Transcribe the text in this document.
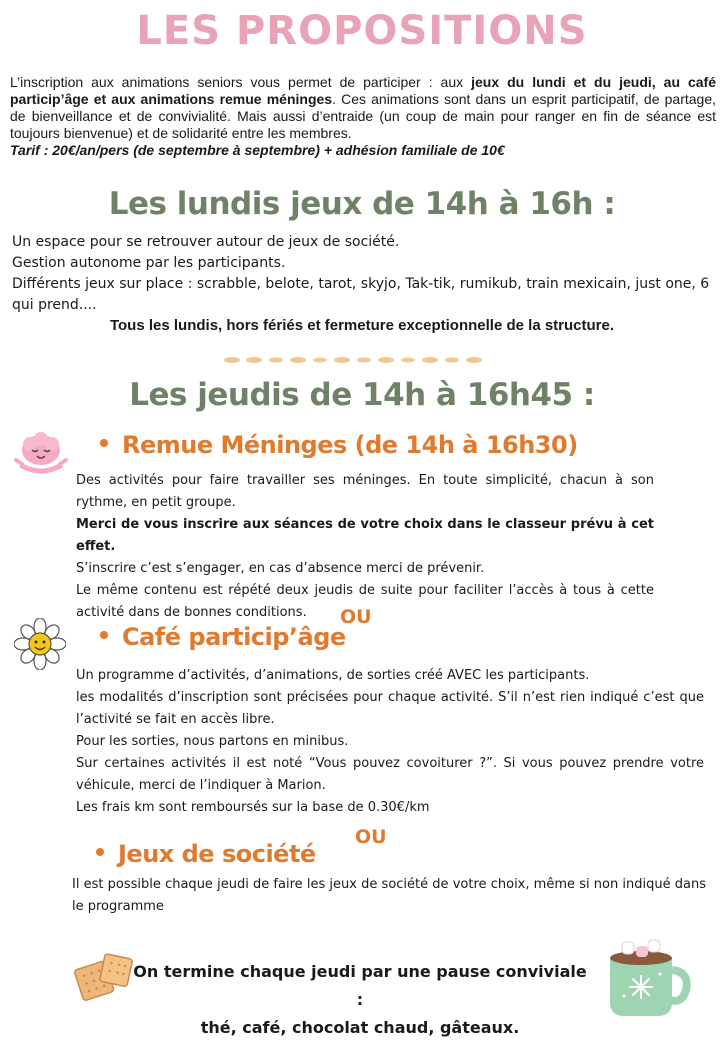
LES PROPOSITIONS
L’inscription aux animations seniors vous permet de participer : aux jeux du lundi et du jeudi, au café particip’âge et aux animations remue méninges. Ces animations sont dans un esprit participatif, de partage, de bienveillance et de convivialité. Mais aussi d’entraide (un coup de main pour ranger en fin de séance est toujours bienvenue) et de solidarité entre les membres.
Tarif : 20€/an/pers (de septembre à septembre) + adhésion familiale de 10€
Les lundis jeux de 14h à 16h :
Un espace pour se retrouver autour de jeux de société.
Gestion autonome par les participants.
Différents jeux sur place : scrabble, belote, tarot, skyjo, Tak-tik, rumikub, train mexicain, just one, 6 qui prend....
Tous les lundis, hors fériés et fermeture exceptionnelle de la structure.
Les jeudis de 14h à 16h45 :
Remue Méninges (de 14h à 16h30)
Des activités pour faire travailler ses méninges. En toute simplicité, chacun à son rythme, en petit groupe.
Merci de vous inscrire aux séances de votre choix dans le classeur prévu à cet effet.
S’inscrire c’est s’engager, en cas d’absence merci de prévenir.
Le même contenu est répété deux jeudis de suite pour faciliter l’accès à tous à cette activité dans de bonnes conditions.	OU
Café particip’âge
Un programme d’activités, d’animations, de sorties créé AVEC les participants.
les modalités d’inscription sont précisées pour chaque activité. S’il n’est rien indiqué c’est que l’activité se fait en accès libre.
Pour les sorties, nous partons en minibus.
Sur certaines activités il est noté “Vous pouvez covoiturer ?”. Si vous pouvez prendre votre véhicule, merci de l’indiquer à Marion.
Les frais km sont remboursés sur la base de 0.30€/km
OU
Jeux de société
Il est possible chaque jeudi de faire les jeux de société de votre choix, même si non indiqué dans le programme
On termine chaque jeudi par une pause conviviale :
thé, café, chocolat chaud, gâteaux.
